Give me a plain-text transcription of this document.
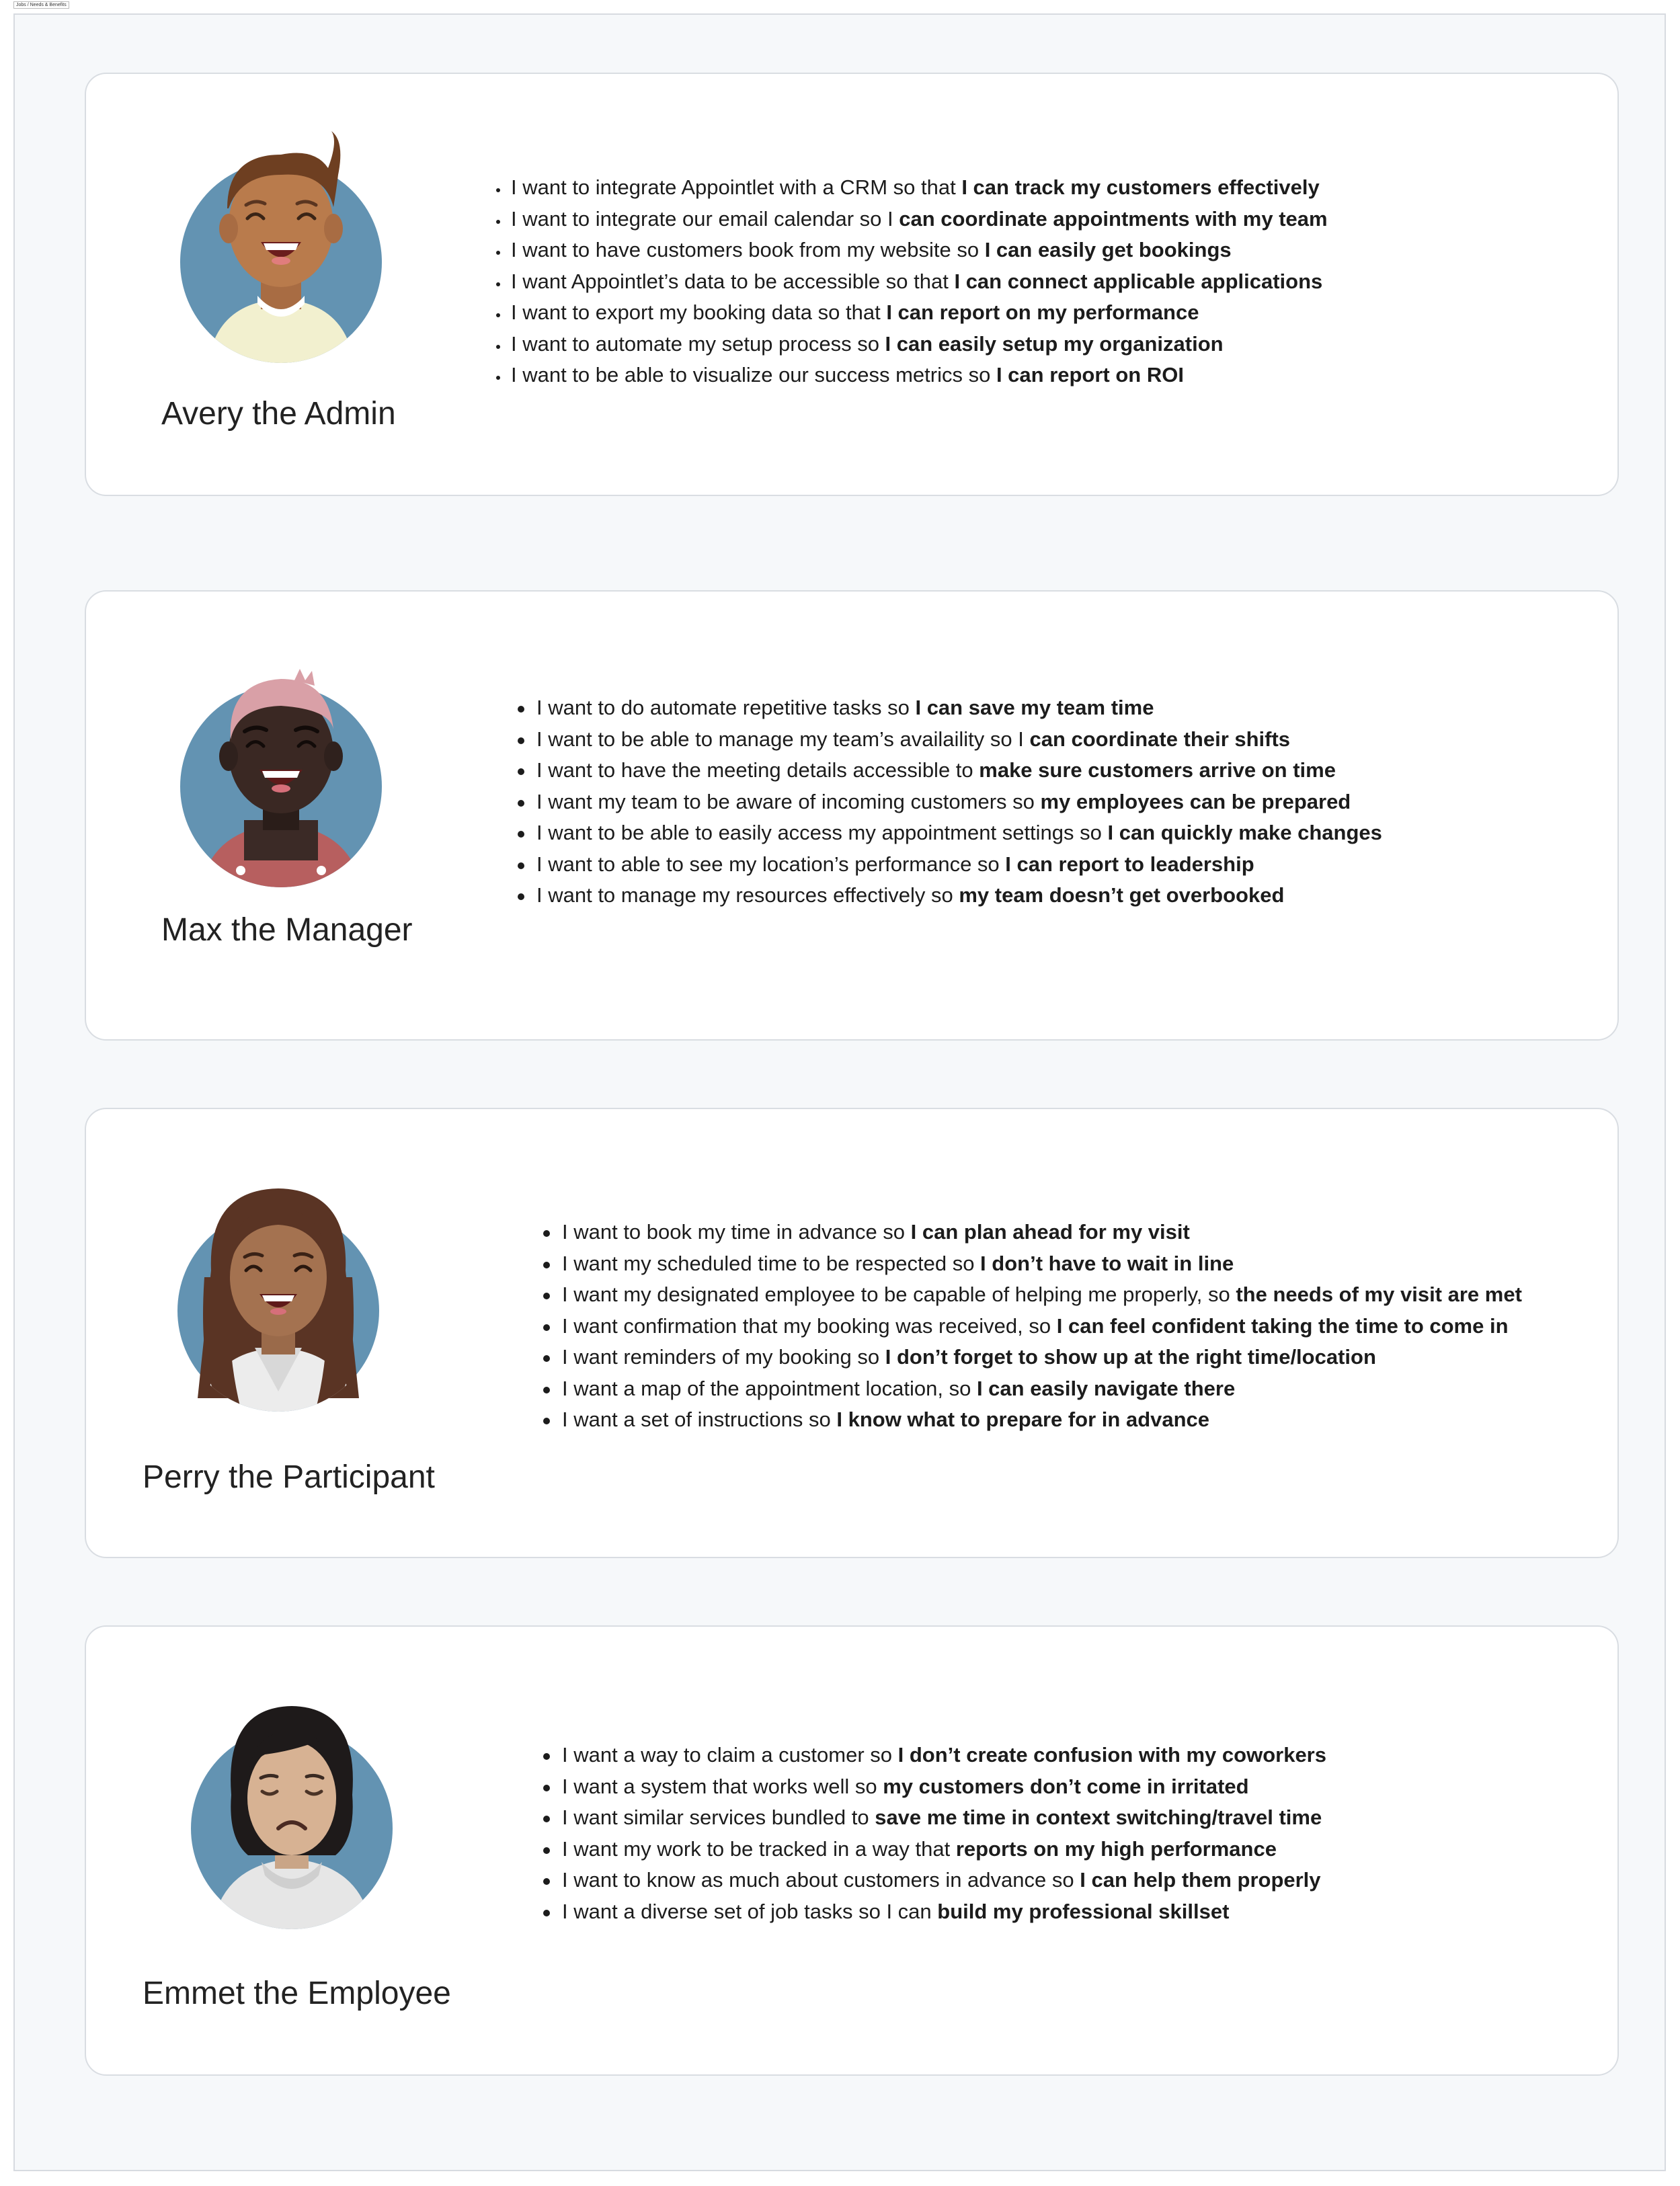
Jobs / Needs & Benefits
Avery the Admin
I want to integrate Appointlet with a CRM so that I can track my customers effectively
I want to integrate our email calendar so I can coordinate appointments with my team
I want to have customers book from my website so I can easily get bookings
I want Appointlet’s data to be accessible so that I can connect applicable applications
I want to export my booking data so that I can report on my performance
I want to automate my setup process so I can easily setup my organization
I want to be able to visualize our success metrics so I can report on ROI
Max the Manager
I want to do automate repetitive tasks so I can save my team time
I want to be able to manage my team’s availaility so I can coordinate their shifts
I want to have the meeting details accessible to make sure customers arrive on time
I want my team to be aware of incoming customers so my employees can be prepared
I want to be able to easily access my appointment settings so I can quickly make changes
I want to able to see my location’s performance so I can report to leadership
I want to manage my resources effectively so my team doesn’t get overbooked
Perry the Participant
I want to book my time in advance so I can plan ahead for my visit
I want my scheduled time to be respected so I don’t have to wait in line
I want my designated employee to be capable of helping me properly, so the needs of my visit are met
I want confirmation that my booking was received, so I can feel confident taking the time to come in
I want reminders of my booking so I don’t forget to show up at the right time/location
I want a map of the appointment location, so I can easily navigate there
I want a set of instructions so I know what to prepare for in advance
Emmet the Employee
I want a way to claim a customer so I don’t create confusion with my coworkers
I want a system that works well so my customers don’t come in irritated
I want similar services bundled to save me time in context switching/travel time
I want my work to be tracked in a way that reports on my high performance
I want to know as much about customers in advance so I can help them properly
I want a diverse set of job tasks so I can build my professional skillset
